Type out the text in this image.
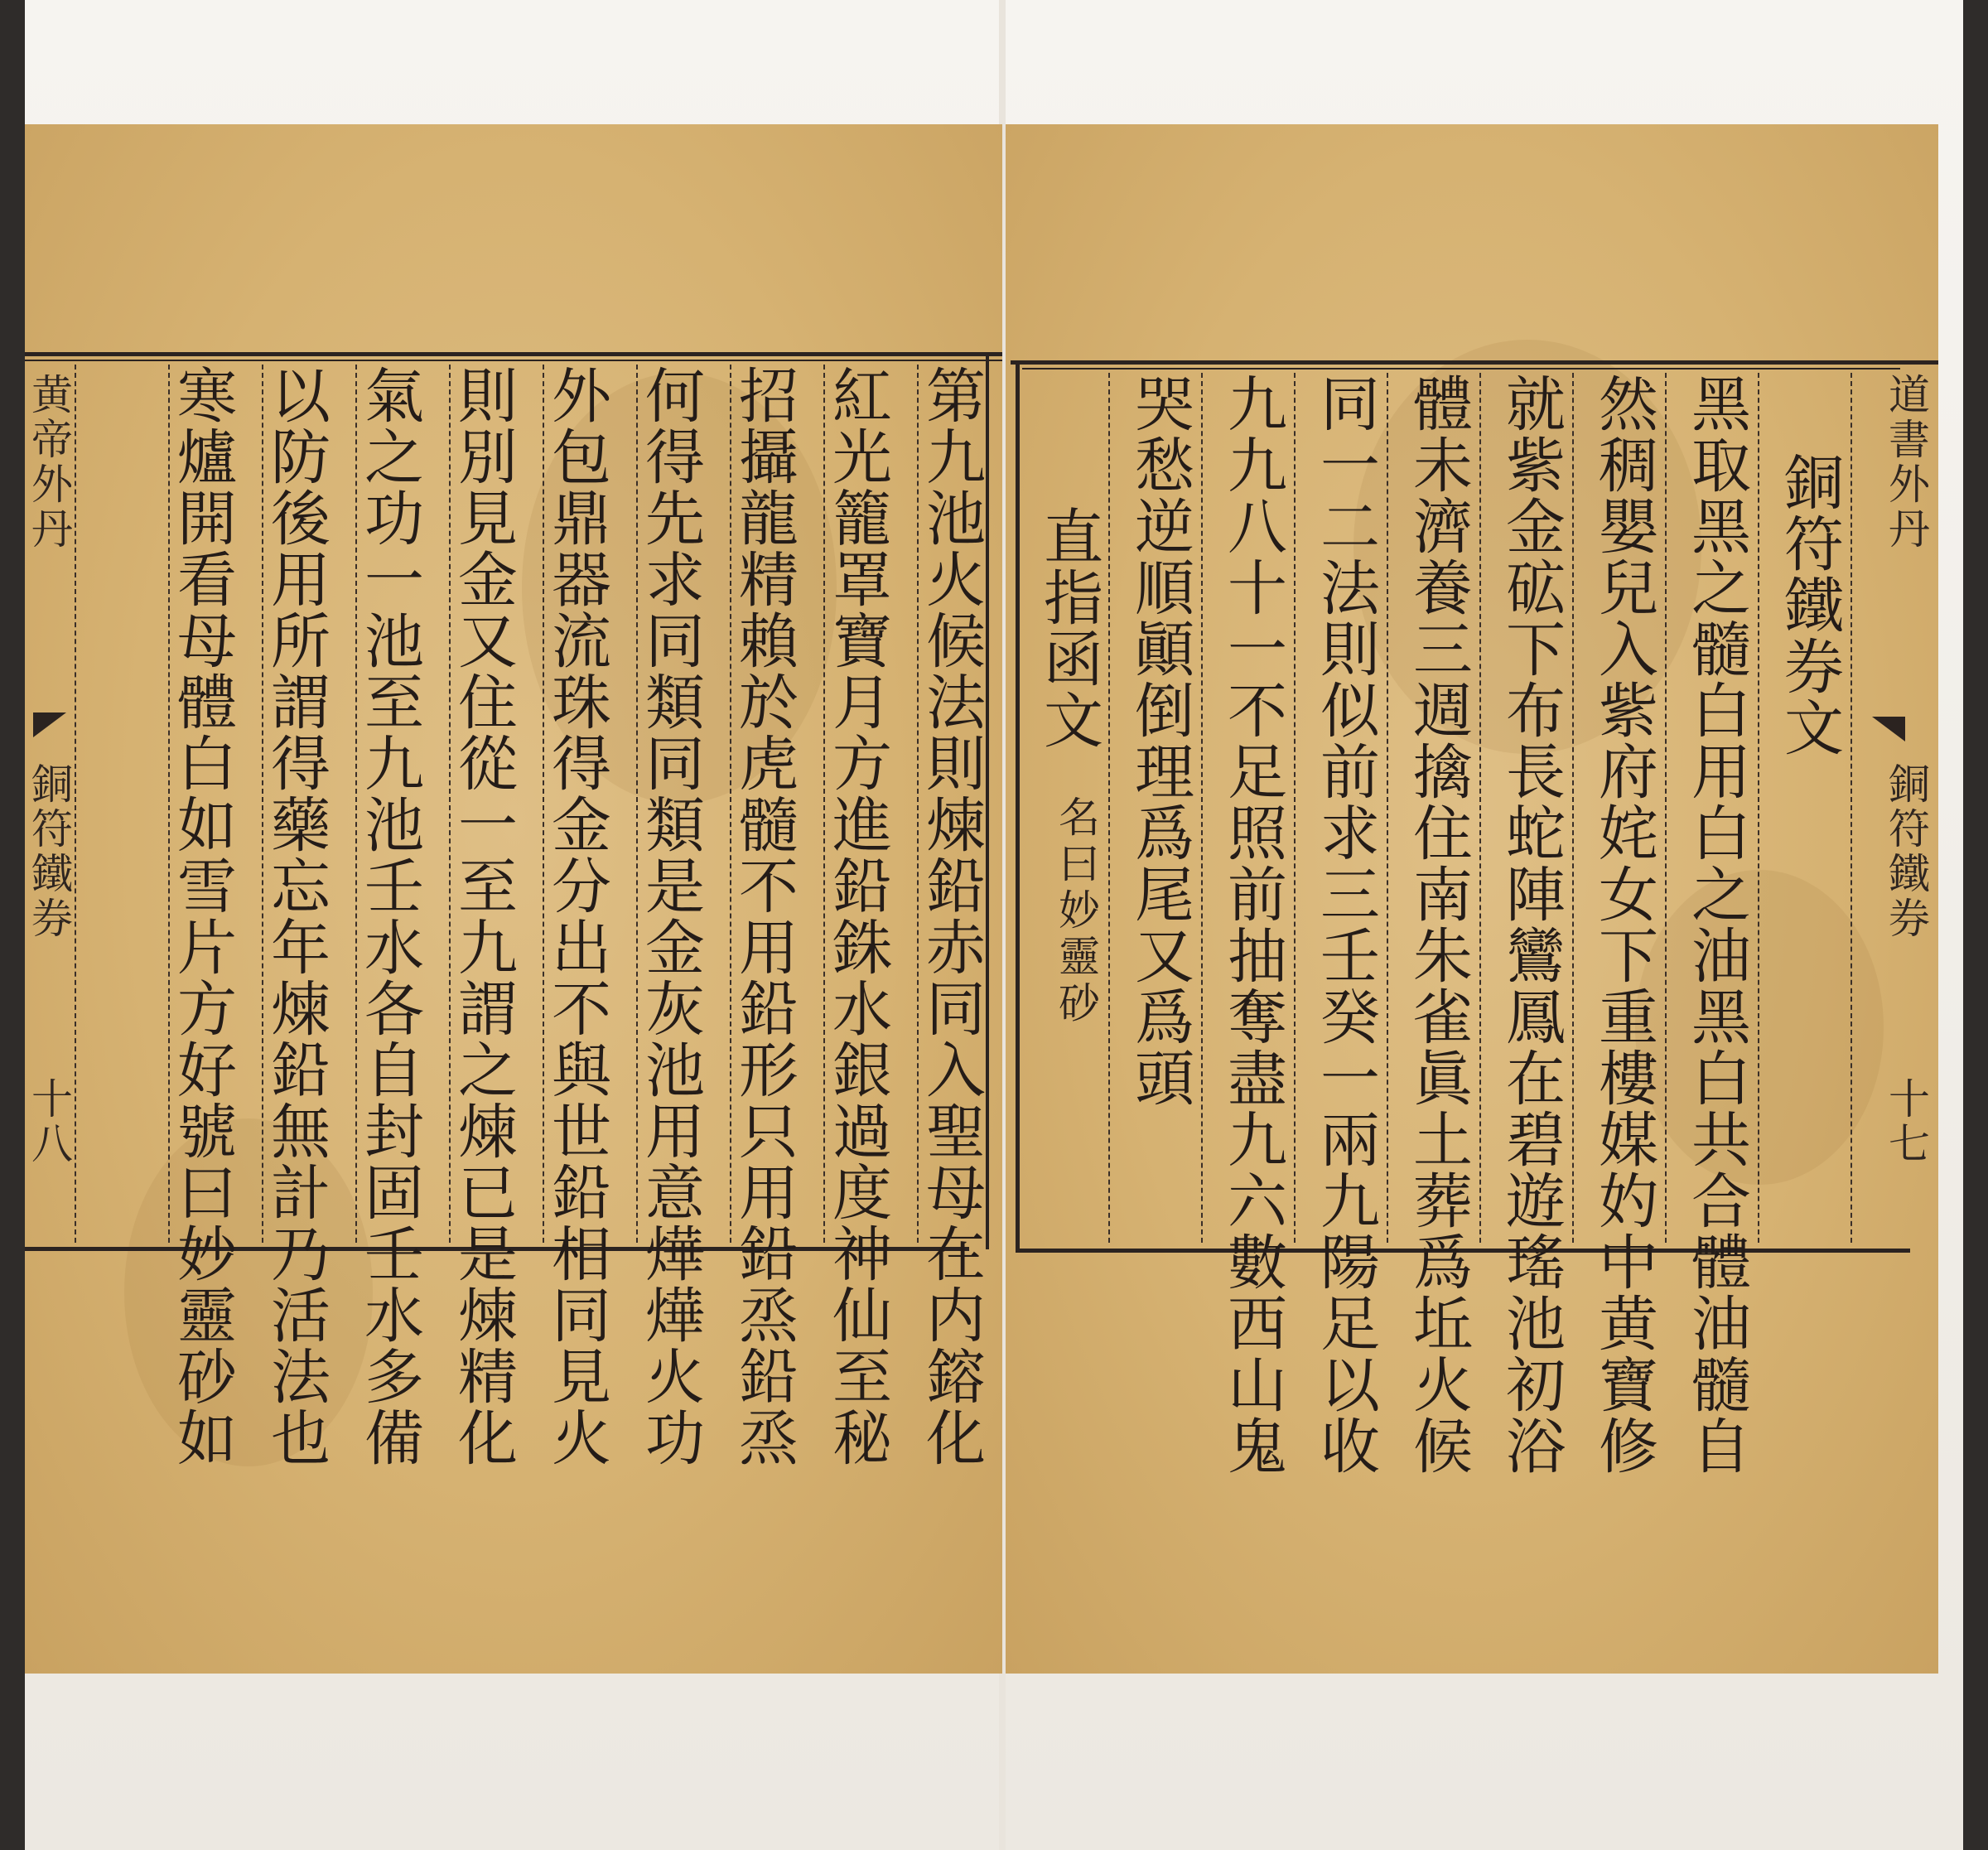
黄帝外丹
銅符鐵券
十八	第九池火候法則煉鉛赤同入聖母在内鎔化
紅光籠罩寶月方進鉛銖水銀過度神仙至秘
招攝龍精賴於虎髓不用鉛形只用鉛烝鉛烝
何得先求同類同類是金灰池用意燁燁火功
外包鼎器流珠得金分出不與世鉛相同見火
則別見金又住從一至九謂之煉已是煉精化
氣之功一池至九池壬水各自封固壬水多備
以防後用所謂得藥忘年煉鉛無計乃活法也
寒爐開看母體白如雪片方好號曰妙靈砂如	道書外丹
銅符鐵券
十七
銅符鐵券文
黑取黑之髓白用白之油黑白共合體油髓自
然稠嬰兒入紫府姹女下重樓媒妁中黄寶修
就紫金砿下布長蛇陣鸞鳳在碧遊瑤池初浴
體未濟養三週擒住南朱雀眞土葬爲坵火候
同一二法則似前求三壬癸一兩九陽足以收
九九八十一不足照前抽奪盡九六數西山鬼
哭愁逆順顚倒理爲尾又爲頭
直指函文
名曰妙靈砂
